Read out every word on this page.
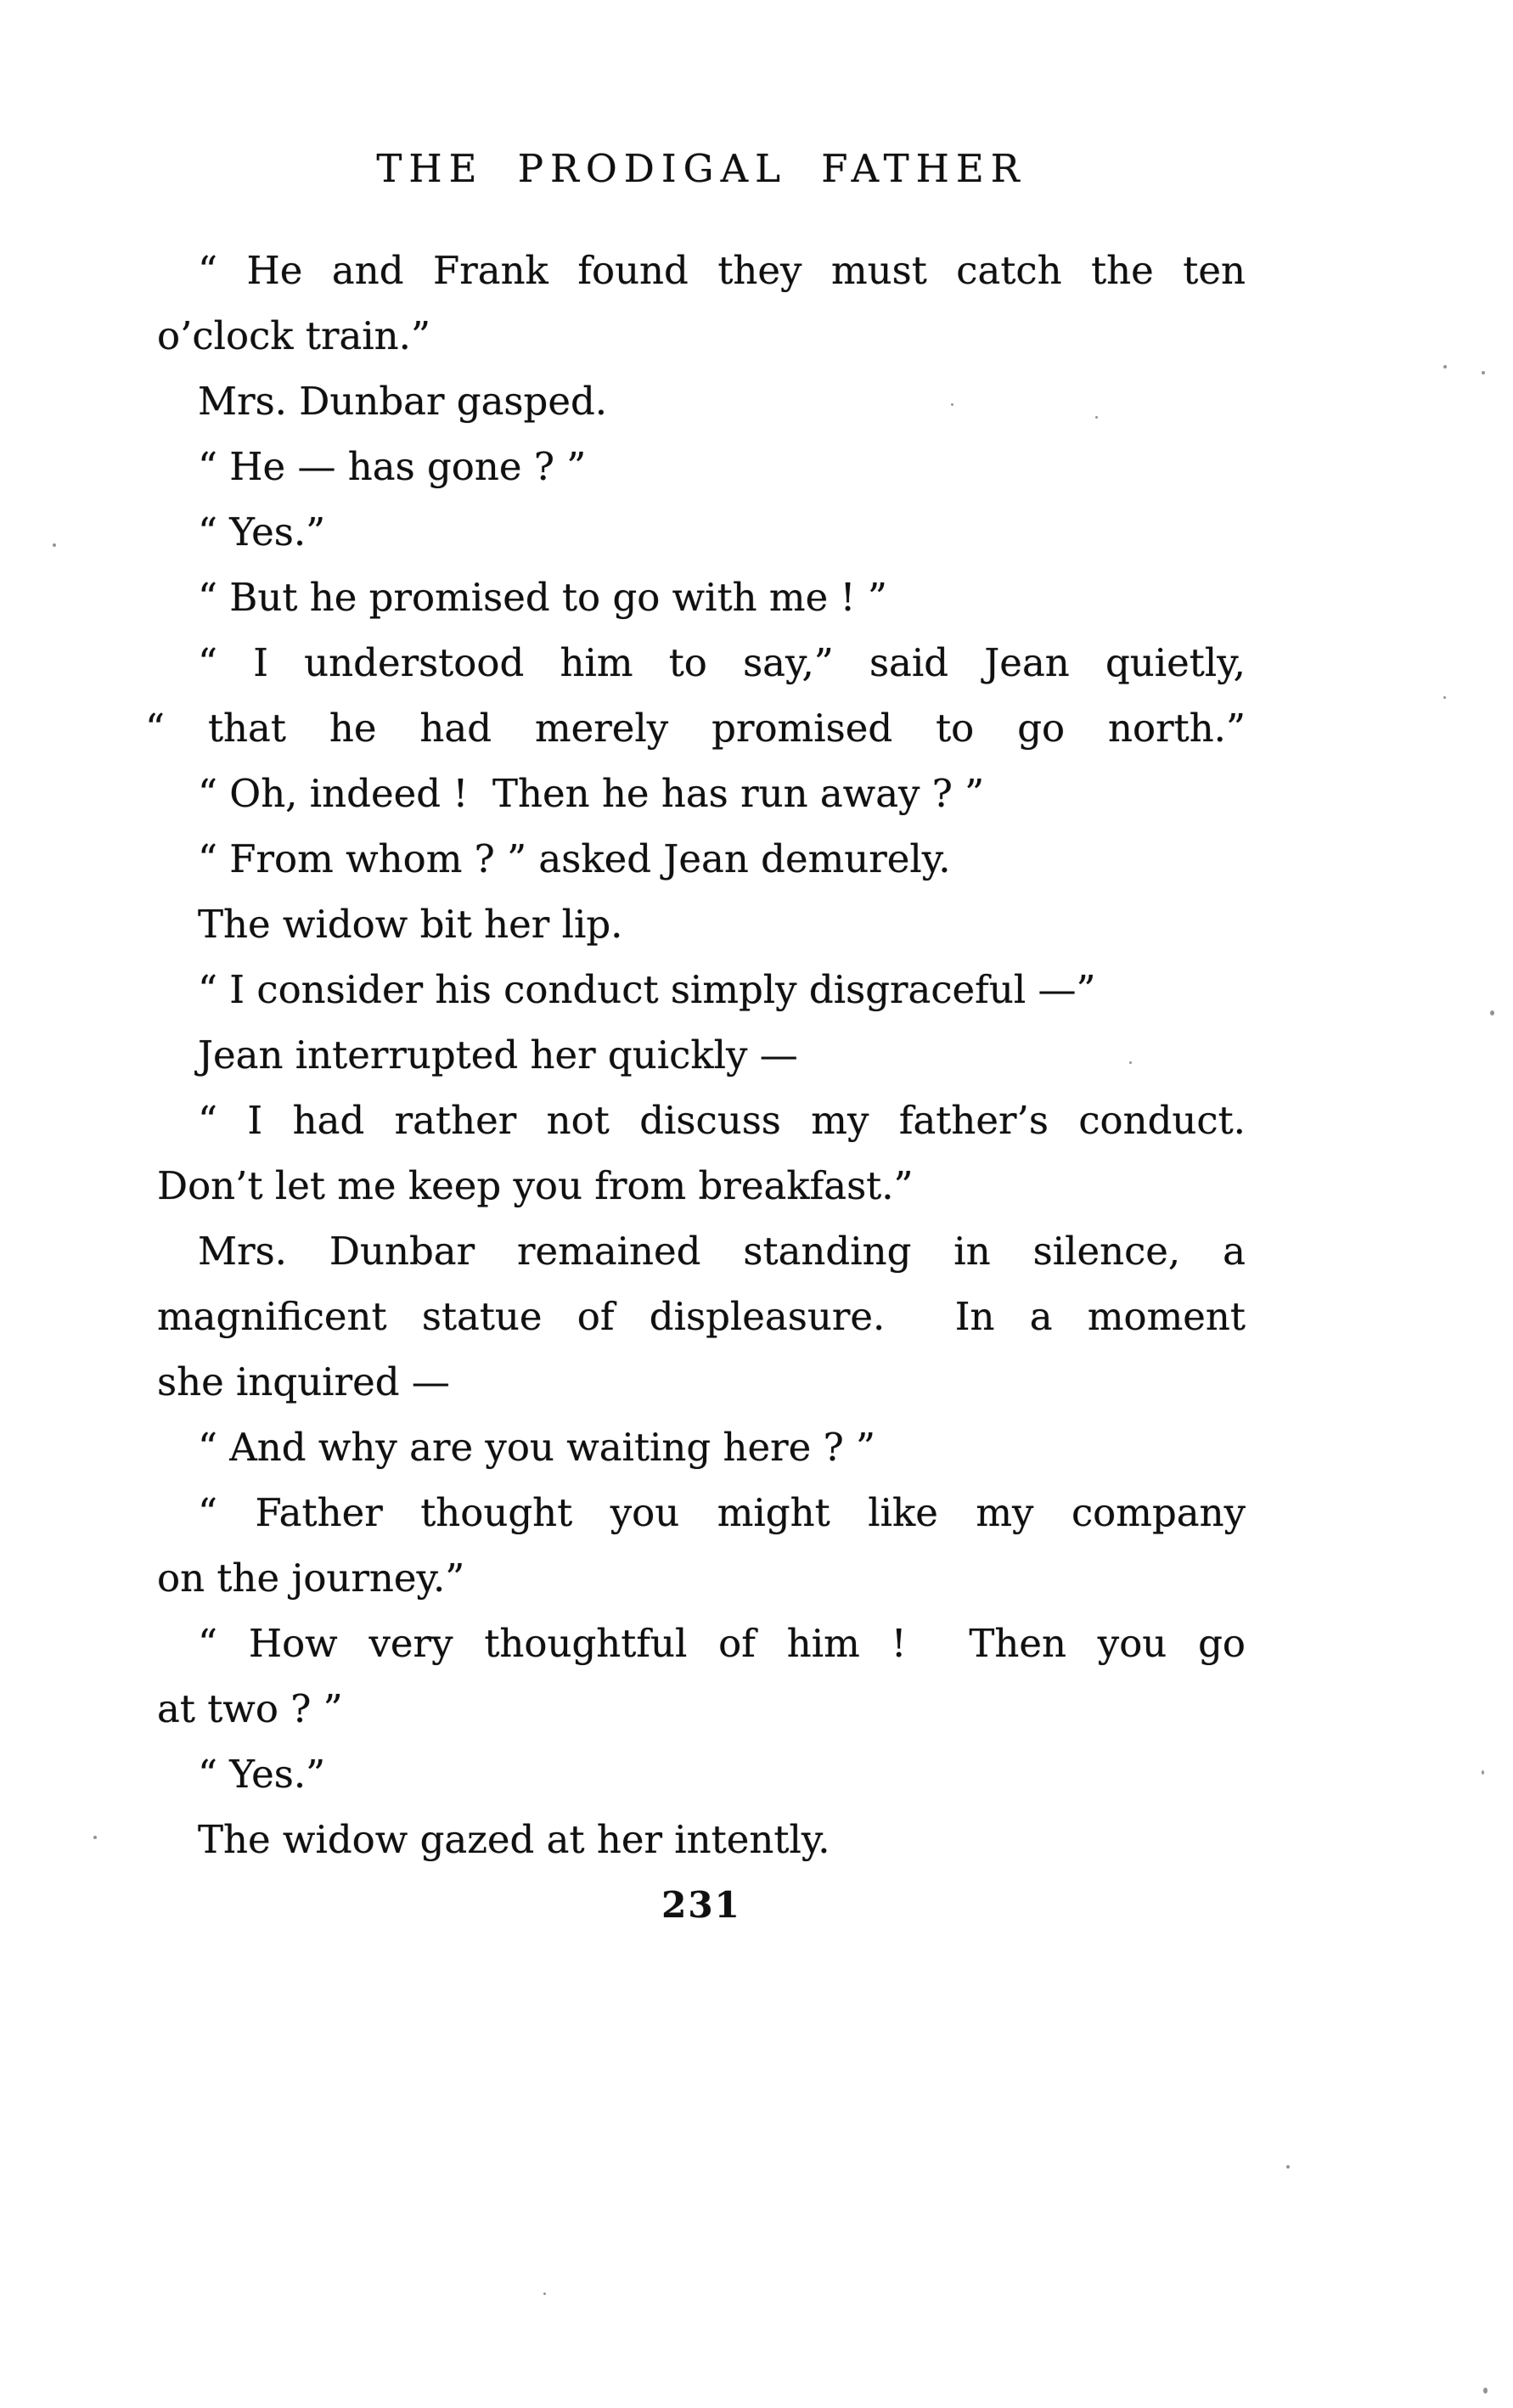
THE PRODIGAL FATHER
“ He and Frank found they must catch the ten
o’clock train.”
Mrs. Dunbar gasped.
“ He — has gone ? ”
“ Yes.”
“ But he promised to go with me ! ”
“ I understood him to say,” said Jean quietly,
“ that he had merely promised to go north.”
“ Oh, indeed !  Then he has run away ? ”
“ From whom ? ” asked Jean demurely.
The widow bit her lip.
“ I consider his conduct simply disgraceful —”
Jean interrupted her quickly —
“ I had rather not discuss my father’s conduct.
Don’t let me keep you from breakfast.”
Mrs. Dunbar remained standing in silence, a
magnificent statue of displeasure.  In a moment
she inquired —
“ And why are you waiting here ? ”
“ Father thought you might like my company
on the journey.”
“ How very thoughtful of him !  Then you go
at two ? ”
“ Yes.”
The widow gazed at her intently.
231
